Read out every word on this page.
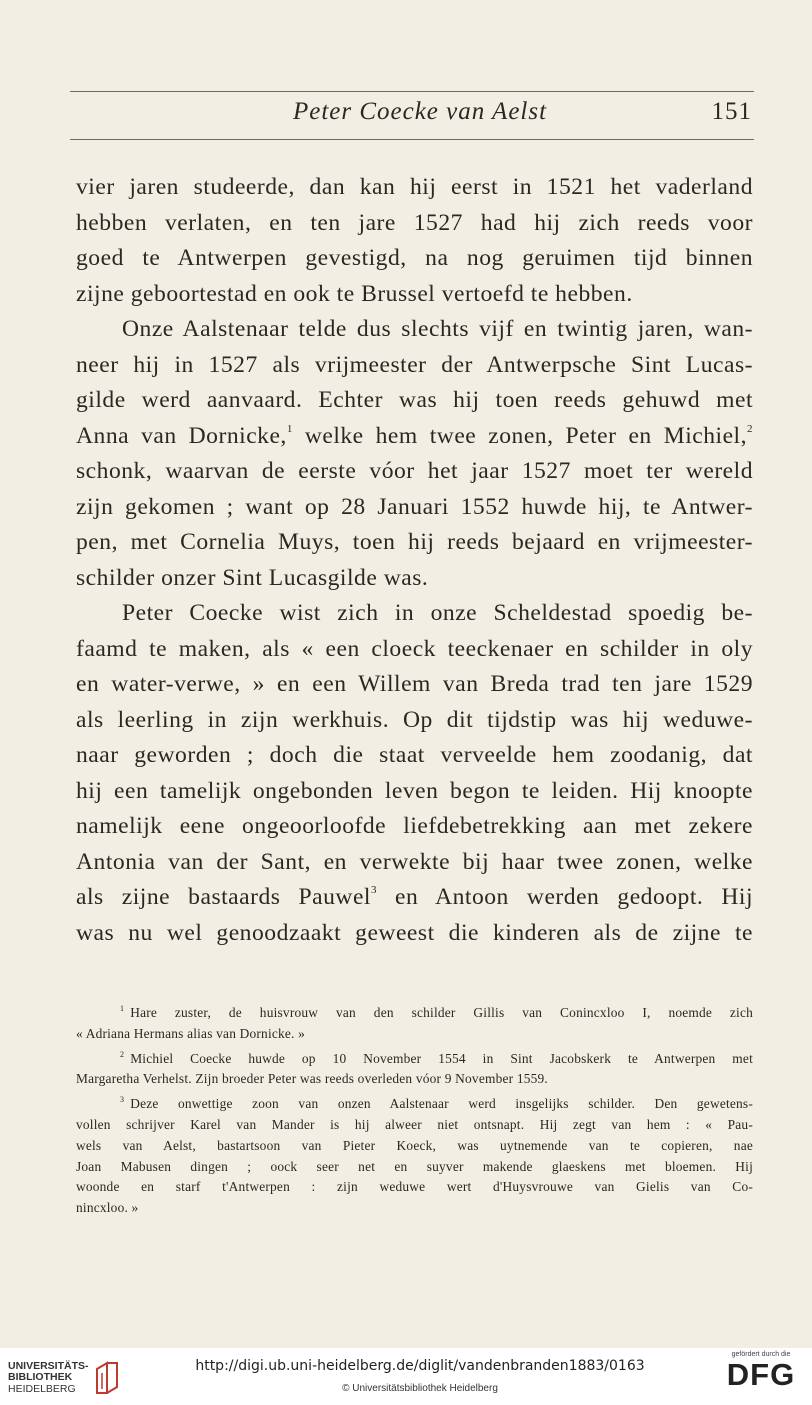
Peter Coecke van Aelst	151

vier jaren studeerde, dan kan hij eerst in 1521 het vaderland

hebben verlaten, en ten jare 1527 had hij zich reeds voor

goed te Antwerpen gevestigd, na nog geruimen tijd binnen

zijne geboortestad en ook te Brussel vertoefd te hebben.

Onze Aalstenaar telde dus slechts vijf en twintig jaren, wan-

neer hij in 1527 als vrijmeester der Antwerpsche Sint Lucas-

gilde werd aanvaard. Echter was hij toen reeds gehuwd met

Anna van Dornicke,$^1$ welke hem twee zonen, Peter en Michiel,$^2$

schonk, waarvan de eerste vóor het jaar 1527 moet ter wereld

zijn gekomen ; want op 28 Januari 1552 huwde hij, te Antwer-

pen, met Cornelia Muys, toen hij reeds bejaard en vrijmeester-

schilder onzer Sint Lucasgilde was.

Peter Coecke wist zich in onze Scheldestad spoedig be-

faamd te maken, als « een cloeck teeckenaer en schilder in oly

en water-verwe, » en een Willem van Breda trad ten jare 1529

als leerling in zijn werkhuis. Op dit tijdstip was hij weduwe-

naar geworden ; doch die staat verveelde hem zoodanig, dat

hij een tamelijk ongebonden leven begon te leiden. Hij knoopte

namelijk eene ongeoorloofde liefdebetrekking aan met zekere

Antonia van der Sant, en verwekte bij haar twee zonen, welke

als zijne bastaards Pauwel$^3$ en Antoon werden gedoopt. Hij

was nu wel genoodzaakt geweest die kinderen als de zijne te

$^1$ Hare zuster, de huisvrouw van den schilder Gillis van Conincxloo I, noemde zich

« Adriana Hermans alias van Dornicke. »

$^2$ Michiel Coecke huwde op 10 November 1554 in Sint Jacobskerk te Antwerpen met

Margaretha Verhelst. Zijn broeder Peter was reeds overleden vóor 9 November 1559.

$^3$ Deze onwettige zoon van onzen Aalstenaar werd insgelijks schilder. Den gewetens-

vollen schrijver Karel van Mander is hij alweer niet ontsnapt. Hij zegt van hem : « Pau-

wels van Aelst, bastartsoon van Pieter Koeck, was uytnemende van te copieren, nae

Joan Mabusen dingen ; oock seer net en suyver makende glaeskens met bloemen. Hij

woonde en starf t'Antwerpen : zijn weduwe wert d'Huysvrouwe van Gielis van Co-

nincxloo. »

UNIVERSITÄTS-
BIBLIOTHEK
HEIDELBERG
http://digi.ub.uni-heidelberg.de/diglit/vandenbranden1883/0163
© Universitätsbibliothek Heidelberg
gefördert durch die
DFG
